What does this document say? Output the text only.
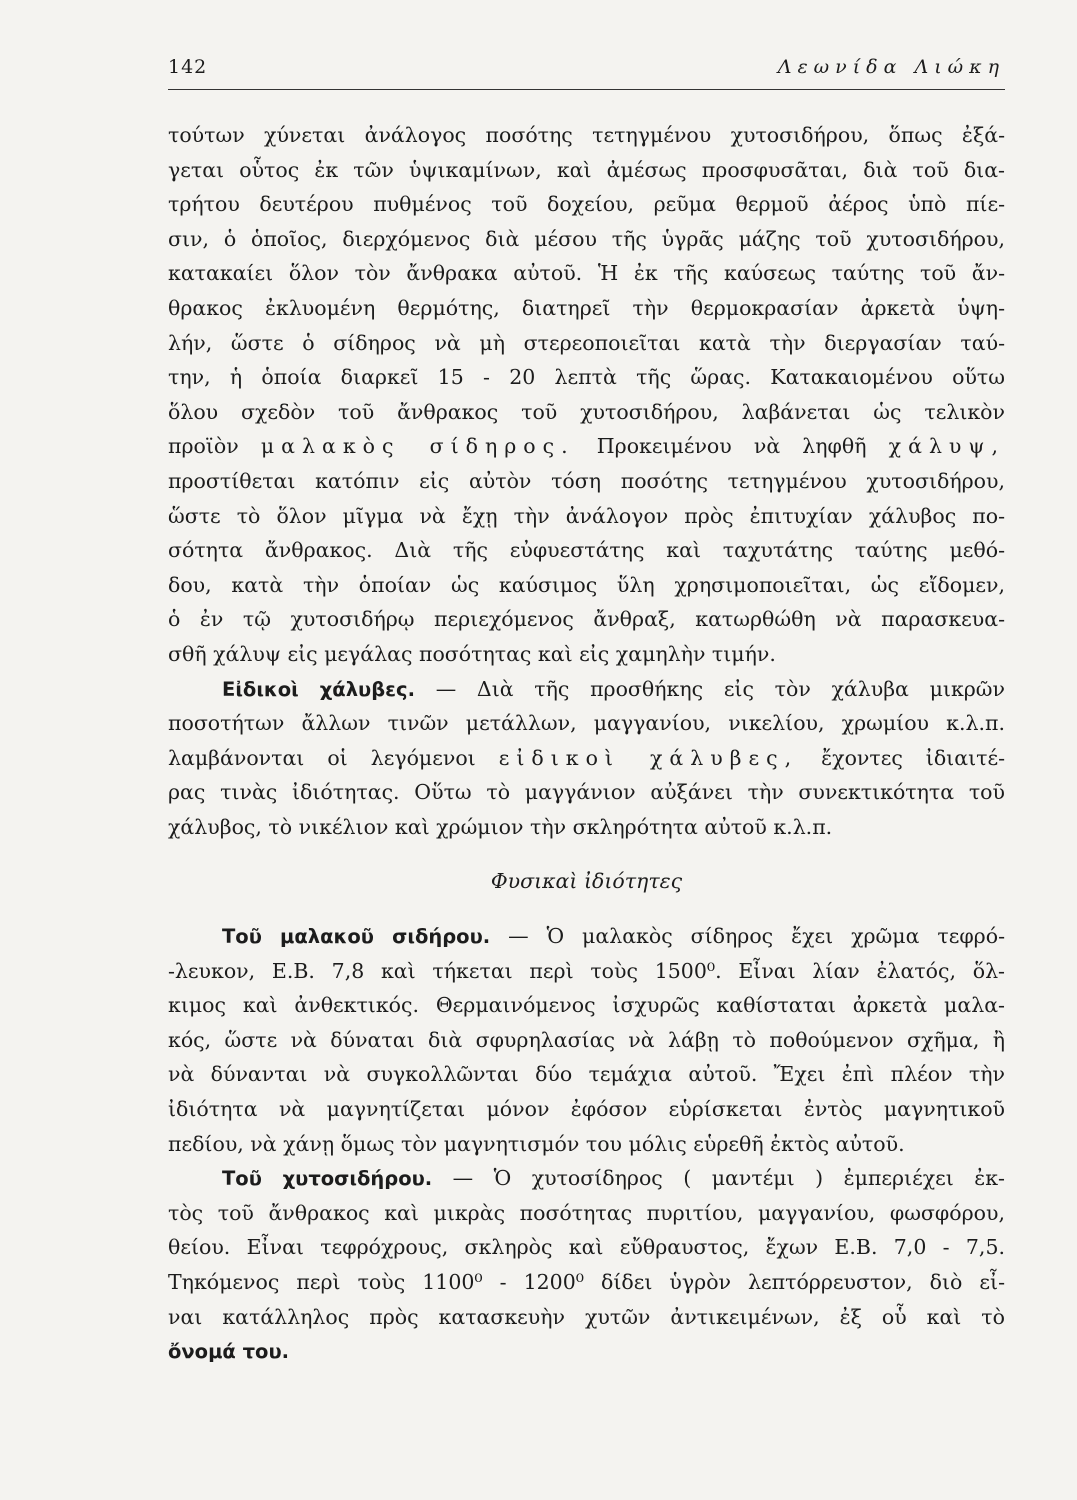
142	Λεωνίδα Λιώκη
τούτων χύνεται ἀνάλογος ποσότης τετηγμένου χυτοσιδήρου, ὅπως ἐξά-
γεται οὗτος ἐκ τῶν ὑψικαμίνων, καὶ ἀμέσως προσφυσᾶται, διὰ τοῦ δια-
τρήτου δευτέρου πυθμένος τοῦ δοχείου, ρεῦμα θερμοῦ ἀέρος ὑπὸ πίε-
σιν, ὁ ὁποῖος, διερχόμενος διὰ μέσου τῆς ὑγρᾶς μάζης τοῦ χυτοσιδήρου,
κατακαίει ὅλον τὸν ἄνθρακα αὐτοῦ. Ἡ ἐκ τῆς καύσεως ταύτης τοῦ ἄν-
θρακος ἐκλυομένη θερμότης, διατηρεῖ τὴν θερμοκρασίαν ἀρκετὰ ὑψη-
λήν, ὥστε ὁ σίδηρος νὰ μὴ στερεοποιεῖται κατὰ τὴν διεργασίαν ταύ-
την, ἡ ὁποία διαρκεῖ 15 - 20 λεπτὰ τῆς ὥρας. Κατακαιομένου οὕτω
ὅλου σχεδὸν τοῦ ἄνθρακος τοῦ χυτοσιδήρου, λαβάνεται ὡς τελικὸν
προϊὸν μαλακὸς σίδηρος. Προκειμένου νὰ ληφθῆ χάλυψ,
προστίθεται κατόπιν εἰς αὐτὸν τόση ποσότης τετηγμένου χυτοσιδήρου,
ὥστε τὸ ὅλον μῖγμα νὰ ἔχῃ τὴν ἀνάλογον πρὸς ἐπιτυχίαν χάλυβος πο-
σότητα ἄνθρακος. Διὰ τῆς εὐφυεστάτης καὶ ταχυτάτης ταύτης μεθό-
δου, κατὰ τὴν ὁποίαν ὡς καύσιμος ὕλη χρησιμοποιεῖται, ὡς εἴδομεν,
ὁ ἐν τῷ χυτοσιδήρῳ περιεχόμενος ἄνθραξ, κατωρθώθη νὰ παρασκευα-
σθῆ χάλυψ εἰς μεγάλας ποσότητας καὶ εἰς χαμηλὴν τιμήν.
Εἰδικοὶ χάλυβες. — Διὰ τῆς προσθήκης εἰς τὸν χάλυβα μικρῶν
ποσοτήτων ἄλλων τινῶν μετάλλων, μαγγανίου, νικελίου, χρωμίου κ.λ.π.
λαμβάνονται οἱ λεγόμενοι εἰδικοὶ χάλυβες, ἔχοντες ἰδιαιτέ-
ρας τινὰς ἰδιότητας. Οὕτω τὸ μαγγάνιον αὐξάνει τὴν συνεκτικότητα τοῦ
χάλυβος, τὸ νικέλιον καὶ χρώμιον τὴν σκληρότητα αὐτοῦ κ.λ.π.
Φυσικαὶ ἰδιότητες
Τοῦ μαλακοῦ σιδήρου. — Ὁ μαλακὸς σίδηρος ἔχει χρῶμα τεφρό-
-λευκον, Ε.Β. 7,8 καὶ τήκεται περὶ τοὺς 1500⁰. Εἶναι λίαν ἐλατός, ὅλ-
κιμος καὶ ἀνθεκτικός. Θερμαινόμενος ἰσχυρῶς καθίσταται ἀρκετὰ μαλα-
κός, ὥστε νὰ δύναται διὰ σφυρηλασίας νὰ λάβῃ τὸ ποθούμενον σχῆμα, ἢ
νὰ δύνανται νὰ συγκολλῶνται δύο τεμάχια αὐτοῦ. Ἔχει ἐπὶ πλέον τὴν
ἰδιότητα νὰ μαγνητίζεται μόνον ἐφόσον εὑρίσκεται ἐντὸς μαγνητικοῦ
πεδίου, νὰ χάνῃ ὅμως τὸν μαγνητισμόν του μόλις εὑρεθῆ ἐκτὸς αὐτοῦ.
Τοῦ χυτοσιδήρου. — Ὁ χυτοσίδηρος ( μαντέμι ) ἐμπεριέχει ἐκ-
τὸς τοῦ ἄνθρακος καὶ μικρὰς ποσότητας πυριτίου, μαγγανίου, φωσφόρου,
θείου. Εἶναι τεφρόχρους, σκληρὸς καὶ εὔθραυστος, ἔχων Ε.Β. 7,0 - 7,5.
Τηκόμενος περὶ τοὺς 1100⁰ - 1200⁰ δίδει ὑγρὸν λεπτόρρευστον, διὸ εἶ-
ναι κατάλληλος πρὸς κατασκευὴν χυτῶν ἀντικειμένων, ἐξ οὗ καὶ τὸ
ὄνομά του.
